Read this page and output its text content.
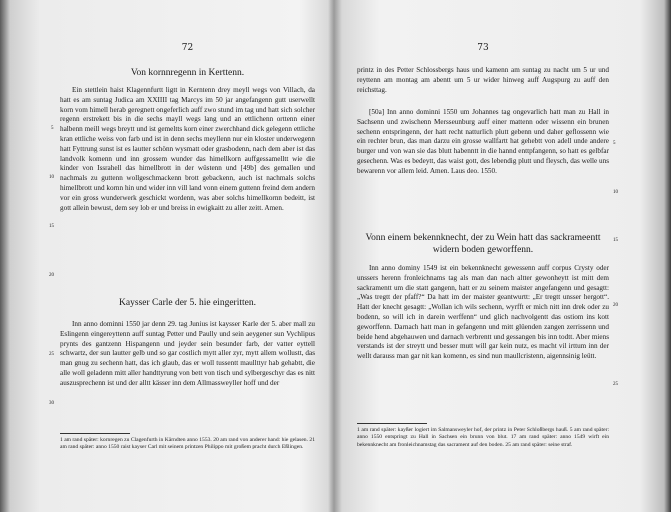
72
Von kornnregenn in Kerttenn.

Ein stettlein haist Klagennfurtt ligtt in Kerntenn drey meyll wegs von Villach, da hatt es am suntag Judica am XXIIII tag Marcys im 50 jar angefangenn gutt userwellt korn vom himell herab geregnett ongeferlich auff zwo stund im tag und hatt sich solcher regenn erstrekett bis in die sechs mayll wegs lang und an ettlichenn orttenn einer halbenn meill wegs breytt und ist gemeltts korn einer zwerchhand dick gelegenn ettliche kran ettliche weiss von farb und ist in denn sechs meyllenn nur ein kloster underwegenn hatt Fyttrung sunst ist es lautter schönn wysmatt oder grasbodenn, nach dem aber ist das landvolk komenn und inn grossem wunder das himellkorn auffgessamelltt wie die kinder von Issrahell das himellbrott in der wüstenn und [49b] des gemallen und nachmals zu guttenn wollgeschmackenn brott gebackenn, auch ist nachmals solchs himellbrott und kornn hin und wider inn vill land vonn einem guttenn freind dem andern vor ein gross wunderwerk geschickt wordenn, was aber solchs himellkornn bedeitt, ist gott allein bewust, dem sey lob er und breiss in ewigkaitt zu aller zeitt. Amen.

Kaysser Carle der 5. hie eingeritten.

Inn anno dominni 1550 jar denn 29. tag Junius ist kaysser Karle der 5. aber mall zu Eslingenn eingereyttenn auff suntag Petter und Paully und sein aeygener sun Vychlipus prynts des gantzenn Hispangenn und jeyder sein besunder farb, der vatter eyttell schwartz, der sun lautter gelb und so gar costlich mytt aller zyr, mytt allem wollustt, das man gnug zu sechenn hatt, das ich glaub, das er woll tussentt maullttyr hab gehabtt, die alle woll geladenn mitt aller handttyrung von bett von tisch und sylbergeschyr das es nitt auszusprechenn ist und der alltt kässer inn dem Allmassweyller hoff und der

1 am rand später: kornregen zu Clagenfurth in Kärndten anno 1553. 20 am rand von anderer hand: hie gelasen. 21 am rand später: anno 1550 raist kayser Carl mit seinem printzen Philippo mit großem pracht durch Eßlingen.
5
10
15
20
25
30
73

printz in des Petter Schlossbergs haus und kamenn am suntag zu nacht um 5 ur und reyttenn am montag am abentt um 5 ur wider hinweg auff Augspurg zu auff den reichsttag.

[50a] Inn anno dominni 1550 um Johannes tag ongevarlich hatt man zu Hall in Sachsenn und zwischenn Mersseunburg auff einer mattenn oder wissenn ein brunen sechenn entspringenn, der hatt recht natturlich plutt gebenn und daher geflossenn wie ein rechter brun, das man darzu ein grosse wallfartt hat gehebtt von adell unde andere burger und von wan sie das blutt habenntt in die hannd enttpfangenn, so hatt es gelbfar gesechenn. Was es bedeytt, das waist gott, des lebendig plutt und fleysch, das welle uns bewarenn vor allem leid. Amen. Laus deo. 1550.

Vonn einem bekennknecht, der zu Wein hatt das sackrameentt widern boden geworffenn.

Inn anno dominy 1549 ist ein bekennknecht gewessenn auff corpus Crysty oder unssers herenn fronleichnams tag als man dan nach altter gewonheytt ist mitt dem sackramentt um die statt gangenn, hatt er zu seinem maister angefangenn und gesagtt: „Was tregtt der pfaff?“ Da hatt im der maister geantwurtt: „Er tregtt unsser hergott“. Hatt der knecht gesagtt: „Wollan ich wils sechenn, wyrfft er mich nitt inn drek oder zu bodenn, so will ich in darein werffenn“ und glich nachvolgentt das ostiom ins kott geworffenn. Darnach hatt man in gefangenn und mitt glüenden zangen zerrissenn und beide hend abgehauwen und darnach verbrentt und gessangen bis inn todtt. Aber miens verstands ist der streytt und besser mutt will gar kein nutz, es macht vil irttum inn der wellt darauss man gar nit kan komenn, es sind nun maullcristenn, aigennsinig leütt.

1 am rand später: kayßer logiert im Salmansweyler hof, der printz in Peter Schloßbergs hauß. 5 am rand später: anno 1550 entspringt zu Hall in Sachsen ein brunn von blut. 17 am rand später: anno 1549 wirft ein bekennknecht am fronleichnamstag das sacrament auf den boden. 25 am rand später: seine straf.
5
10
15
20
25
